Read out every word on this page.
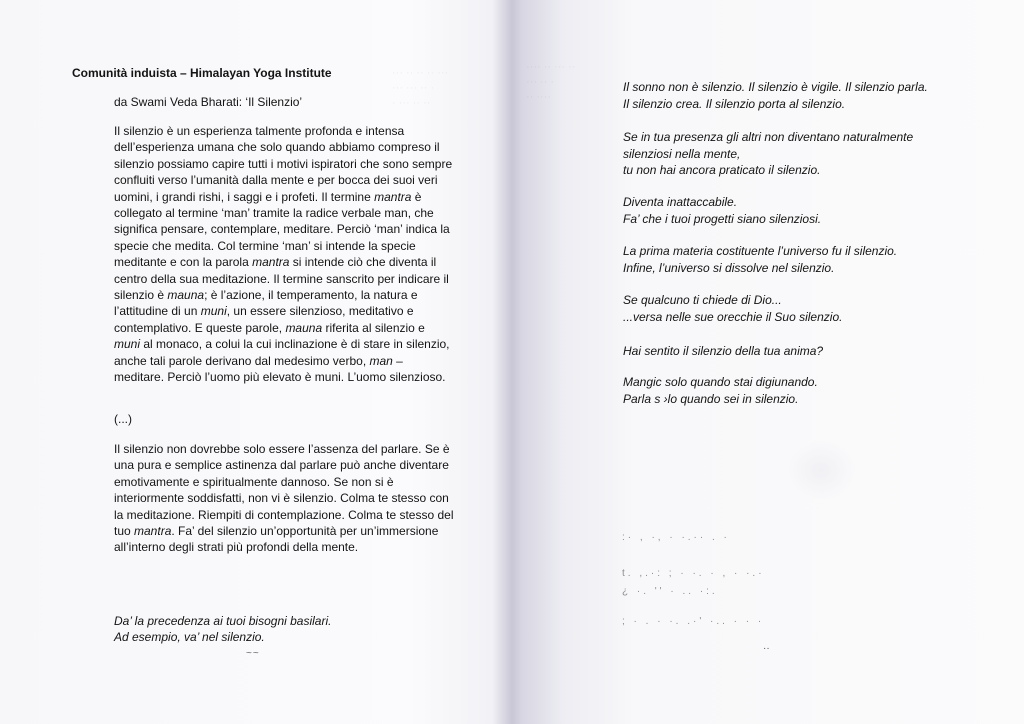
··· ·· ·· ·· ···
··· ··· ·· ·
· ··· ·· ··
Comunità induista – Himalayan Yoga Institute
da Swami Veda Bharati: ‘Il Silenzio’

Il silenzio è un esperienza talmente profonda e intensa dell’esperienza umana che solo quando abbiamo compreso il silenzio possiamo capire tutti i motivi ispiratori che sono sempre confluiti verso l’umanità dalla mente e per bocca dei suoi veri uomini, i grandi rishi, i saggi e i profeti. Il termine mantra è collegato al termine ‘man’ tramite la radice verbale man, che significa pensare, contemplare, meditare. Perciò ‘man’ indica la specie che medita. Col termine ‘man’ si intende la specie meditante e con la parola mantra si intende ciò che diventa il centro della sua meditazione. Il termine sanscrito per indicare il silenzio è mauna; è l’azione, il temperamento, la natura e l’attitudine di un muni, un essere silenzioso, meditativo e contemplativo. E queste parole, mauna riferita al silenzio e muni al monaco, a colui la cui inclinazione è di stare in silenzio, anche tali parole derivano dal medesimo verbo, man – meditare. Perciò l’uomo più elevato è muni. L’uomo silenzioso.

(...)

Il silenzio non dovrebbe solo essere l’assenza del parlare. Se è una pura e semplice astinenza dal parlare può anche diventare emotivamente e spiritualmente dannoso. Se non si è interiormente soddisfatti, non vi è silenzio. Colma te stesso con la meditazione. Riempiti di contemplazione. Colma te stesso del tuo mantra. Fa’ del silenzio un’opportunità per un’immersione all’interno degli strati più profondi della mente.

Da’ la precedenza ai tuoi bisogni basilari.
Ad esempio, va’ nel silenzio.
~~
···· ·· ··· ··
··· ·· ·
·· ····
Il sonno non è silenzio. Il silenzio è vigile. Il silenzio parla.
Il silenzio crea. Il silenzio porta al silenzio.
Se in tua presenza gli altri non diventano naturalmente
silenziosi nella mente,
tu non hai ancora praticato il silenzio.
Diventa inattaccabile.
Fa’ che i tuoi progetti siano silenziosi.
La prima materia costituente l’universo fu il silenzio.
Infine, l’universo si dissolve nel silenzio.
Se qualcuno ti chiede di Dio...
...versa nelle sue orecchie il Suo silenzio.
Hai sentito il silenzio della tua anima?
Mangic solo quando stai digiunando.
Parla s ›lo quando sei in silenzio.
:· , ·, · ·.·· . ·
t. ,.·: ; · ·. · , · ·.·
¿ ·. '' · .. ·:.
; · . · ·. .·' ·.. · · ·
··
